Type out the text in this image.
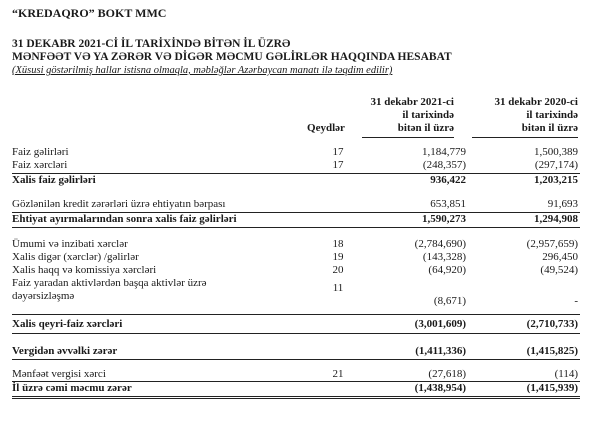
“KREDAQRO” BOKT MMC
31 DEKABR 2021-Cİ İL TARİXİNDƏ BİTƏN İL ÜZRƏ
MƏNFƏƏT VƏ YA ZƏRƏR VƏ DİGƏR MƏCMU GƏLİRLƏR HAQQINDA HESABAT
(Xüsusi göstərilmiş hallar istisna olmaqla, məbləğlər Azərbaycan manatı ilə təqdim edilir)
Qeydlər
31 dekabr 2021-ci
il tarixində
bitən il üzrə
31 dekabr 2020-ci
il tarixində
bitən il üzrə
Faiz gəlirləri	17	1,184,779	1,500,389
Faiz xərcləri	17	(248,357)	(297,174)
Xalis faiz gəlirləri	936,422	1,203,215
Gözlənilən kredit zərərləri üzrə ehtiyatın bərpası	653,851	91,693
Ehtiyat ayırmalarından sonra xalis faiz gəlirləri	1,590,273	1,294,908
Ümumi və inzibati xərclər	18	(2,784,690)	(2,957,659)
Xalis digər (xərclər) /gəlirlər	19	(143,328)	296,450
Xalis haqq və komissiya xərcləri	20	(64,920)	(49,524)
Faiz yaradan aktivlərdən başqa aktivlər üzrə	11
dəyərsizləşmə	(8,671)	-
Xalis qeyri-faiz xərcləri	(3,001,609)	(2,710,733)
Vergidən əvvəlki zərər	(1,411,336)	(1,415,825)
Mənfəət vergisi xərci	21	(27,618)	(114)
İl üzrə cəmi məcmu zərər	(1,438,954)	(1,415,939)
